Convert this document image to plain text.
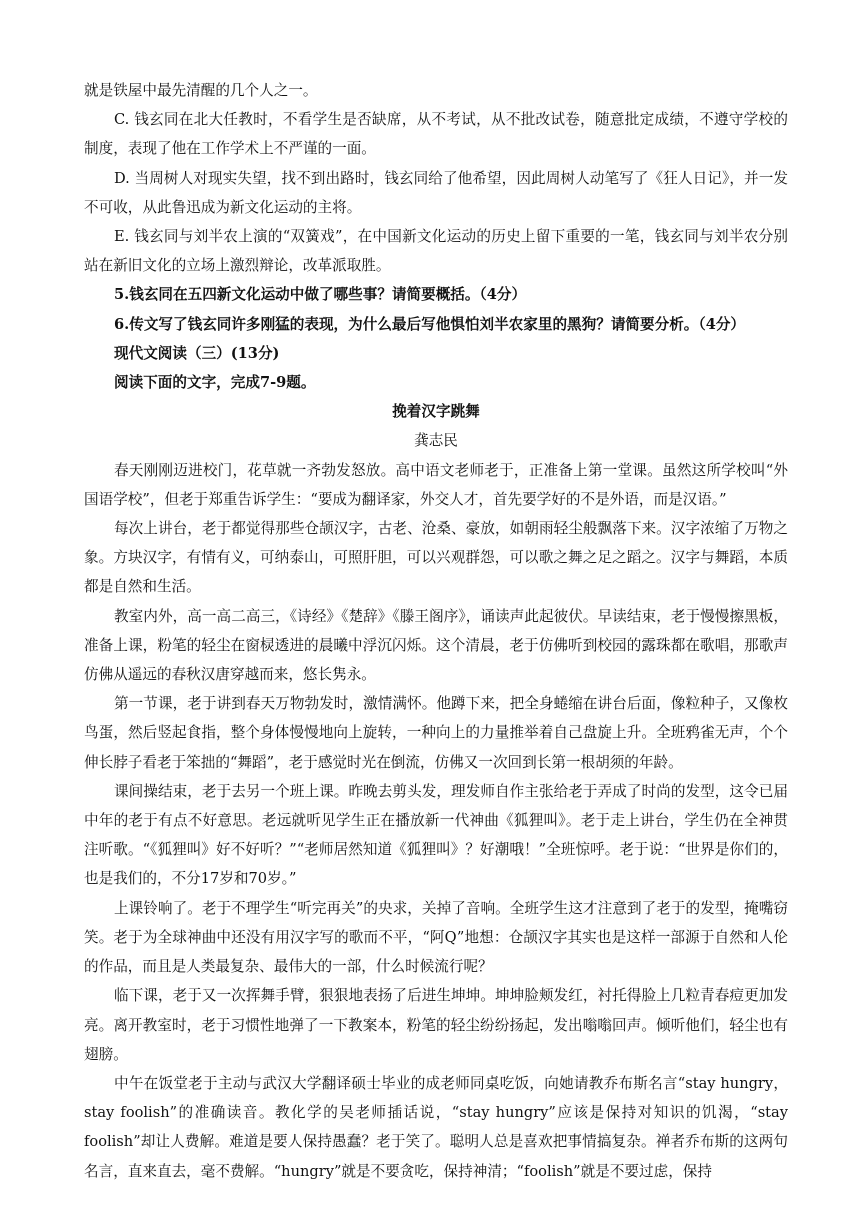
就是铁屋中最先清醒的几个人之一。

C. 钱玄同在北大任教时，不看学生是否缺席，从不考试，从不批改试卷，随意批定成绩，不遵守学校的制度，表现了他在工作学术上不严谨的一面。

D. 当周树人对现实失望，找不到出路时，钱玄同给了他希望，因此周树人动笔写了《狂人日记》，并一发不可收，从此鲁迅成为新文化运动的主将。

E. 钱玄同与刘半农上演的“双簧戏”，在中国新文化运动的历史上留下重要的一笔，钱玄同与刘半农分别站在新旧文化的立场上激烈辩论，改革派取胜。

5.钱玄同在五四新文化运动中做了哪些事？请简要概括。（4分）

6.传文写了钱玄同许多刚猛的表现，为什么最后写他惧怕刘半农家里的黑狗？请简要分析。（4分）

现代文阅读（三）(13分)

阅读下面的文字，完成7-9题。

挽着汉字跳舞

龚志民

春天刚刚迈进校门，花草就一齐勃发怒放。高中语文老师老于，正准备上第一堂课。虽然这所学校叫“外国语学校”，但老于郑重告诉学生：“要成为翻译家，外交人才，首先要学好的不是外语，而是汉语。”

每次上讲台，老于都觉得那些仓颉汉字，古老、沧桑、豪放，如朝雨轻尘般飘落下来。汉字浓缩了万物之象。方块汉字，有情有义，可纳泰山，可照肝胆，可以兴观群怨，可以歌之舞之足之蹈之。汉字与舞蹈，本质都是自然和生活。

教室内外，高一高二高三，《诗经》《楚辞》《滕王阁序》，诵读声此起彼伏。早读结束，老于慢慢擦黑板，准备上课，粉笔的轻尘在窗棂透进的晨曦中浮沉闪烁。这个清晨，老于仿佛听到校园的露珠都在歌唱，那歌声仿佛从遥远的春秋汉唐穿越而来，悠长隽永。

第一节课，老于讲到春天万物勃发时，激情满怀。他蹲下来，把全身蜷缩在讲台后面，像粒种子，又像枚鸟蛋，然后竖起食指，整个身体慢慢地向上旋转，一种向上的力量推举着自己盘旋上升。全班鸦雀无声，个个伸长脖子看老于笨拙的“舞蹈”，老于感觉时光在倒流，仿佛又一次回到长第一根胡须的年龄。

课间操结束，老于去另一个班上课。昨晚去剪头发，理发师自作主张给老于弄成了时尚的发型，这令已届中年的老于有点不好意思。老远就听见学生正在播放新一代神曲《狐狸叫》。老于走上讲台，学生仍在全神贯注听歌。“《狐狸叫》好不好听？”“老师居然知道《狐狸叫》？好潮哦！”全班惊呼。老于说：“世界是你们的，也是我们的，不分17岁和70岁。”

上课铃响了。老于不理学生“听完再关”的央求，关掉了音响。全班学生这才注意到了老于的发型，掩嘴窃笑。老于为全球神曲中还没有用汉字写的歌而不平，“阿Q”地想：仓颉汉字其实也是这样一部源于自然和人伦的作品，而且是人类最复杂、最伟大的一部，什么时候流行呢？

临下课，老于又一次挥舞手臂，狠狠地表扬了后进生坤坤。坤坤脸颊发红，衬托得脸上几粒青春痘更加发亮。离开教室时，老于习惯性地弹了一下教案本，粉笔的轻尘纷纷扬起，发出嗡嗡回声。倾听他们，轻尘也有翅膀。

中午在饭堂老于主动与武汉大学翻译硕士毕业的成老师同桌吃饭，向她请教乔布斯名言“stay hungry，stay foolish”的准确读音。教化学的吴老师插话说，“stay hungry”应该是保持对知识的饥渴，“stay foolish”却让人费解。难道是要人保持愚蠢？老于笑了。聪明人总是喜欢把事情搞复杂。禅者乔布斯的这两句名言，直来直去，毫不费解。“hungry”就是不要贪吃，保持神清；“foolish”就是不要过虑，保持
